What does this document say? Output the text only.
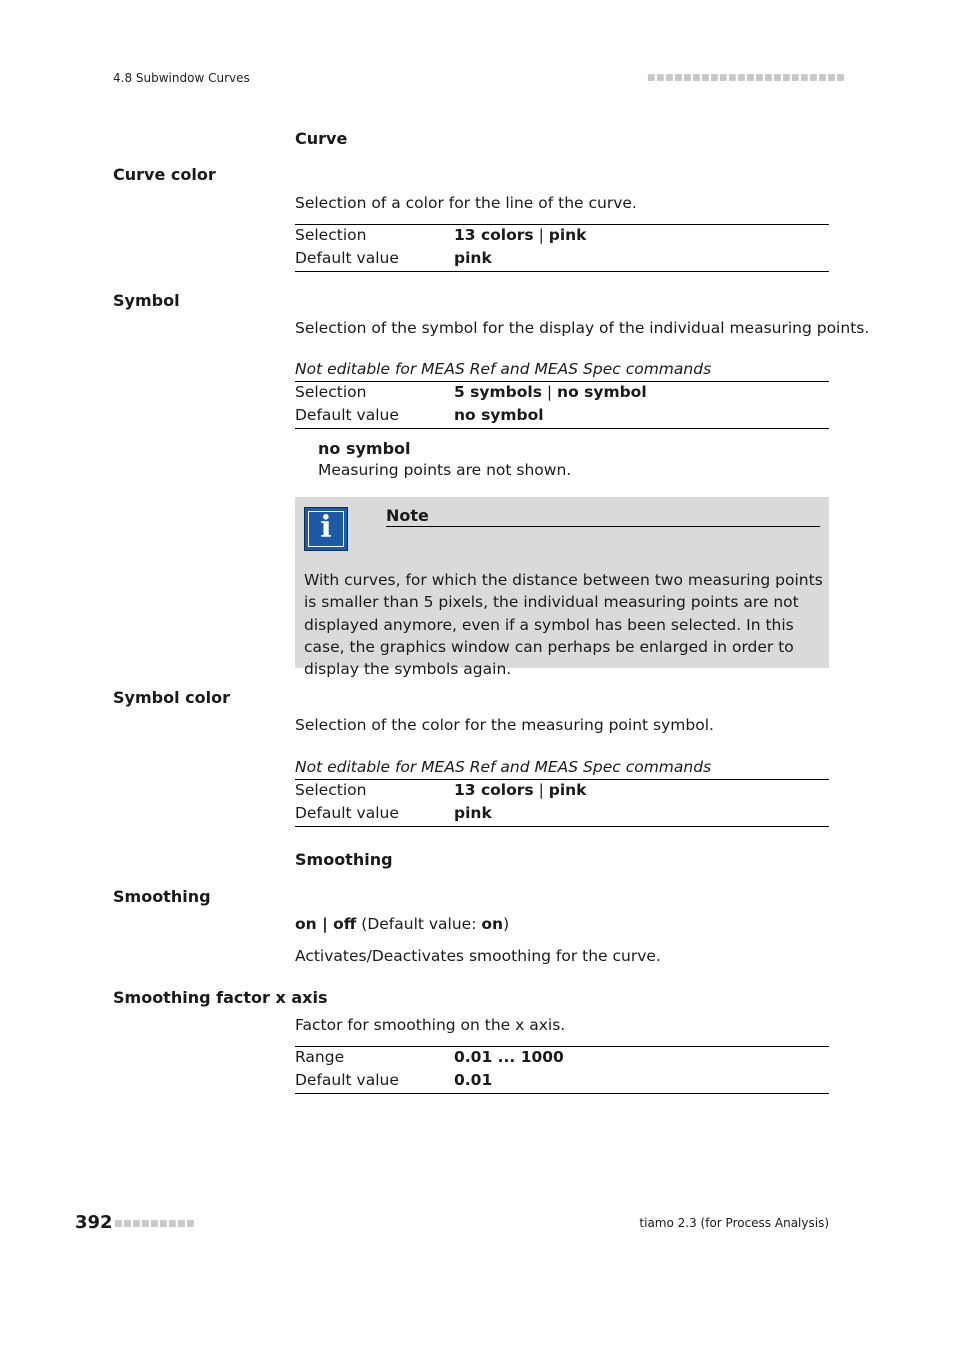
4.8 Subwindow Curves	■■■■■■■■■■■■■■■■■■■■■■
Curve
Curve color
Selection of a color for the line of the curve.
Selection	13 colors | pink
Default value	pink
Symbol
Selection of the symbol for the display of the individual measuring points.
Not editable for MEAS Ref and MEAS Spec commands
Selection	5 symbols | no symbol
Default value	no symbol
no symbol
Measuring points are not shown.
i	Note
With curves, for which the distance between two measuring points is smaller than 5 pixels, the individual measuring points are not displayed anymore, even if a symbol has been selected. In this case, the graphics window can perhaps be enlarged in order to display the symbols again.
Symbol color
Selection of the color for the measuring point symbol.
Not editable for MEAS Ref and MEAS Spec commands
Selection	13 colors | pink
Default value	pink
Smoothing
Smoothing
on | off (Default value: on)
Activates/Deactivates smoothing for the curve.
Smoothing factor x axis
Factor for smoothing on the x axis.
Range	0.01 ... 1000
Default value	0.01
392 ■■■■■■■■■	tiamo 2.3 (for Process Analysis)
